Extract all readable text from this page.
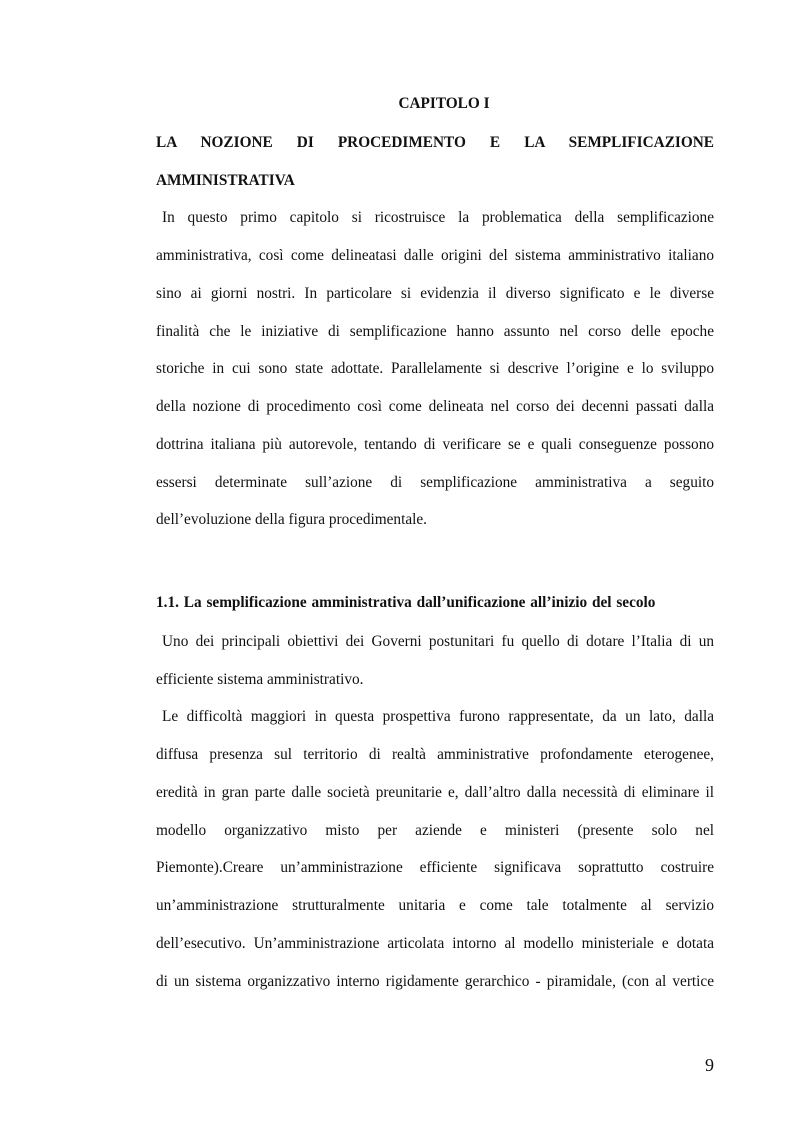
CAPITOLO I
LA NOZIONE DI PROCEDIMENTO E LA SEMPLIFICAZIONE
AMMINISTRATIVA
In questo primo capitolo si ricostruisce la problematica della semplificazione
amministrativa, così come delineatasi dalle origini del sistema amministrativo italiano
sino ai giorni nostri. In particolare si evidenzia il diverso significato e le diverse
finalità che le iniziative di semplificazione hanno assunto nel corso delle epoche
storiche in cui sono state adottate. Parallelamente si descrive l’origine e lo sviluppo
della nozione di procedimento così come delineata nel corso dei decenni passati dalla
dottrina italiana più autorevole, tentando di verificare se e quali conseguenze possono
essersi determinate sull’azione di semplificazione amministrativa a seguito
dell’evoluzione della figura procedimentale.
1.1. La semplificazione amministrativa dall’unificazione all’inizio del secolo
Uno dei principali obiettivi dei Governi postunitari fu quello di dotare l’Italia di un
efficiente sistema amministrativo.
Le difficoltà maggiori in questa prospettiva furono rappresentate, da un lato, dalla
diffusa presenza sul territorio di realtà amministrative profondamente eterogenee,
eredità in gran parte dalle società preunitarie e, dall’altro dalla necessità di eliminare il
modello organizzativo misto per aziende e ministeri (presente solo nel
Piemonte).Creare un’amministrazione efficiente significava soprattutto costruire
un’amministrazione strutturalmente unitaria e come tale totalmente al servizio
dell’esecutivo. Un’amministrazione articolata intorno al modello ministeriale e dotata
di un sistema organizzativo interno rigidamente gerarchico - piramidale, (con al vertice
9
